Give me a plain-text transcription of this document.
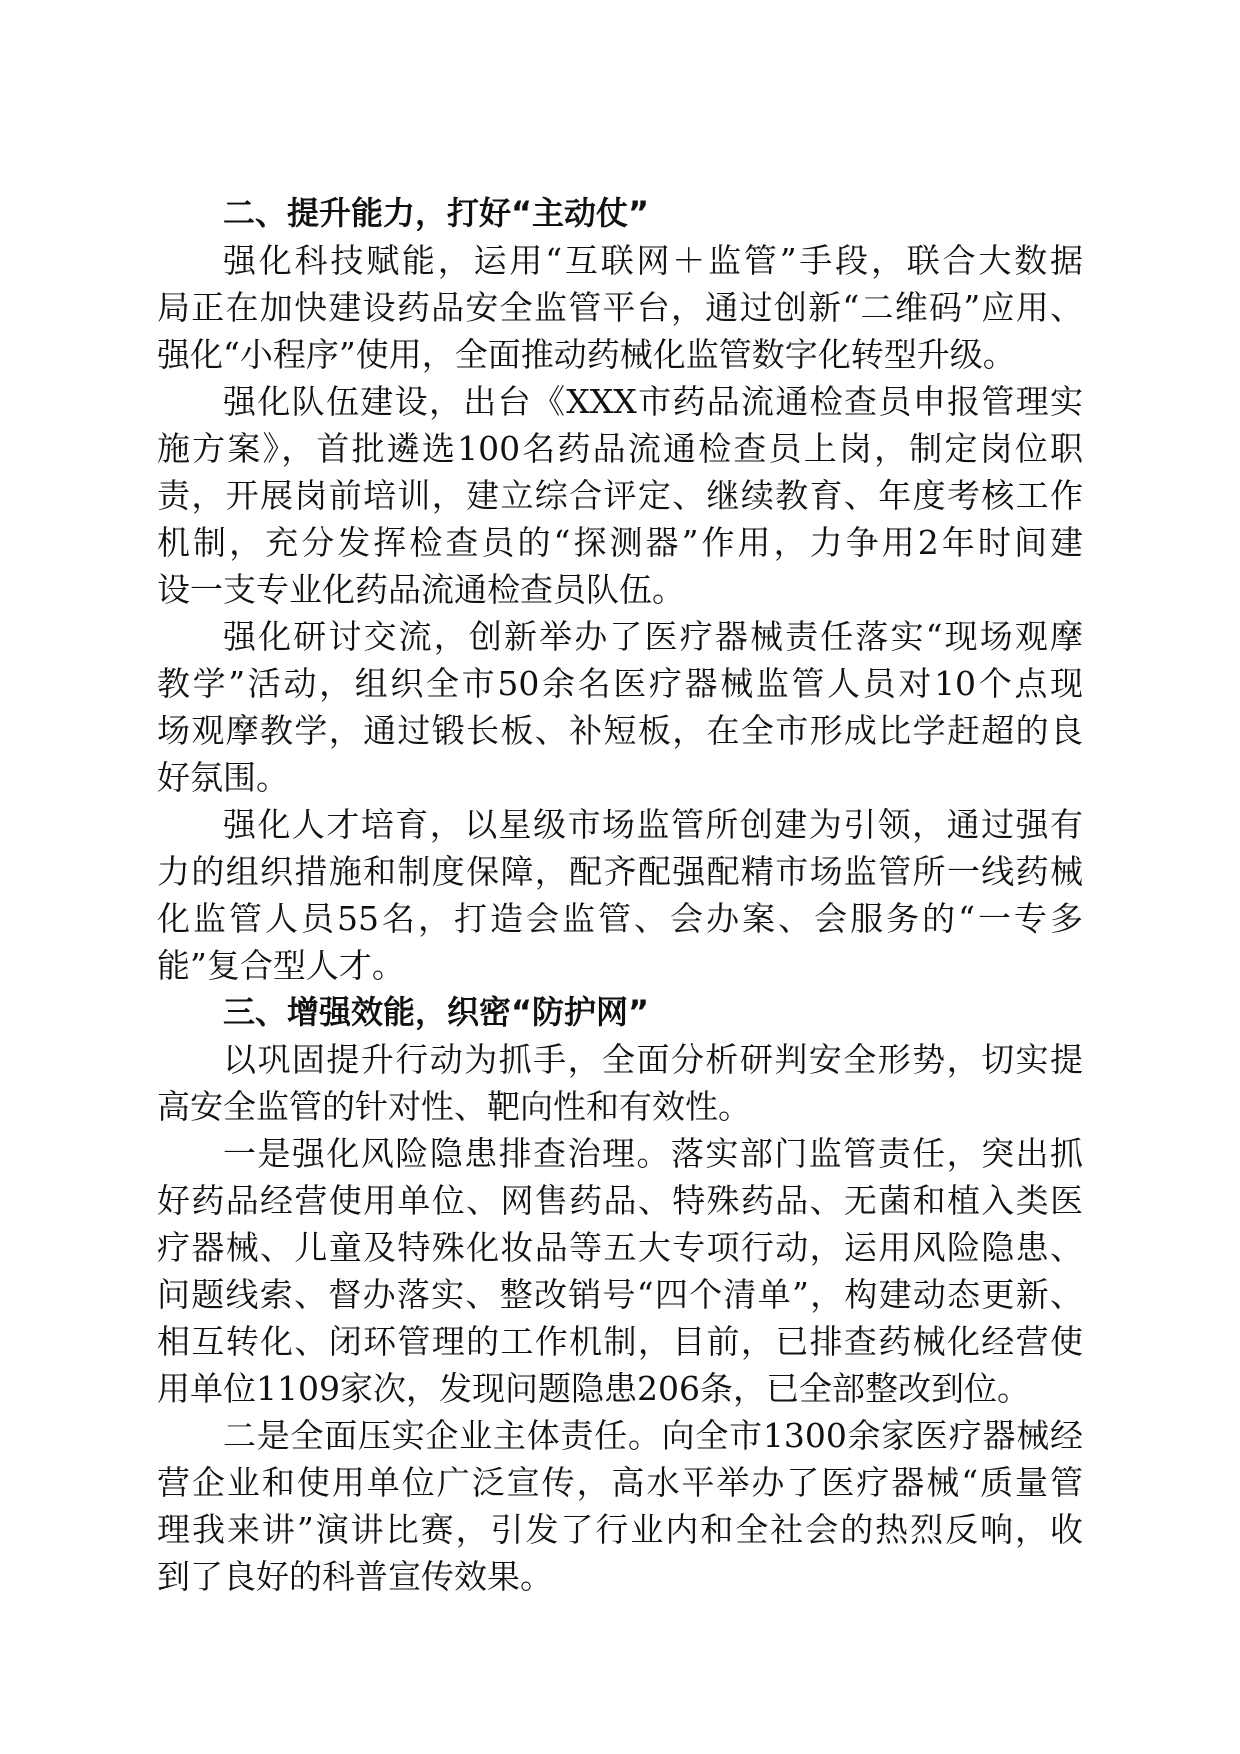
二、提升能力，打好“主动仗”
强化科技赋能，运用“互联网＋监管”手段，联合大数据
局正在加快建设药品安全监管平台，通过创新“二维码”应用、
强化“小程序”使用，全面推动药械化监管数字化转型升级。
强化队伍建设，出台《XXX市药品流通检查员申报管理实
施方案》，首批遴选100名药品流通检查员上岗，制定岗位职
责，开展岗前培训，建立综合评定、继续教育、年度考核工作
机制，充分发挥检查员的“探测器”作用，力争用2年时间建
设一支专业化药品流通检查员队伍。
强化研讨交流，创新举办了医疗器械责任落实“现场观摩
教学”活动，组织全市50余名医疗器械监管人员对10个点现
场观摩教学，通过锻长板、补短板，在全市形成比学赶超的良
好氛围。
强化人才培育，以星级市场监管所创建为引领，通过强有
力的组织措施和制度保障，配齐配强配精市场监管所一线药械
化监管人员55名，打造会监管、会办案、会服务的“一专多
能”复合型人才。
三、增强效能，织密“防护网”
以巩固提升行动为抓手，全面分析研判安全形势，切实提
高安全监管的针对性、靶向性和有效性。
一是强化风险隐患排查治理。落实部门监管责任，突出抓
好药品经营使用单位、网售药品、特殊药品、无菌和植入类医
疗器械、儿童及特殊化妆品等五大专项行动，运用风险隐患、
问题线索、督办落实、整改销号“四个清单”，构建动态更新、
相互转化、闭环管理的工作机制，目前，已排查药械化经营使
用单位1109家次，发现问题隐患206条，已全部整改到位。
二是全面压实企业主体责任。向全市1300余家医疗器械经
营企业和使用单位广泛宣传，高水平举办了医疗器械“质量管
理我来讲”演讲比赛，引发了行业内和全社会的热烈反响，收
到了良好的科普宣传效果。
